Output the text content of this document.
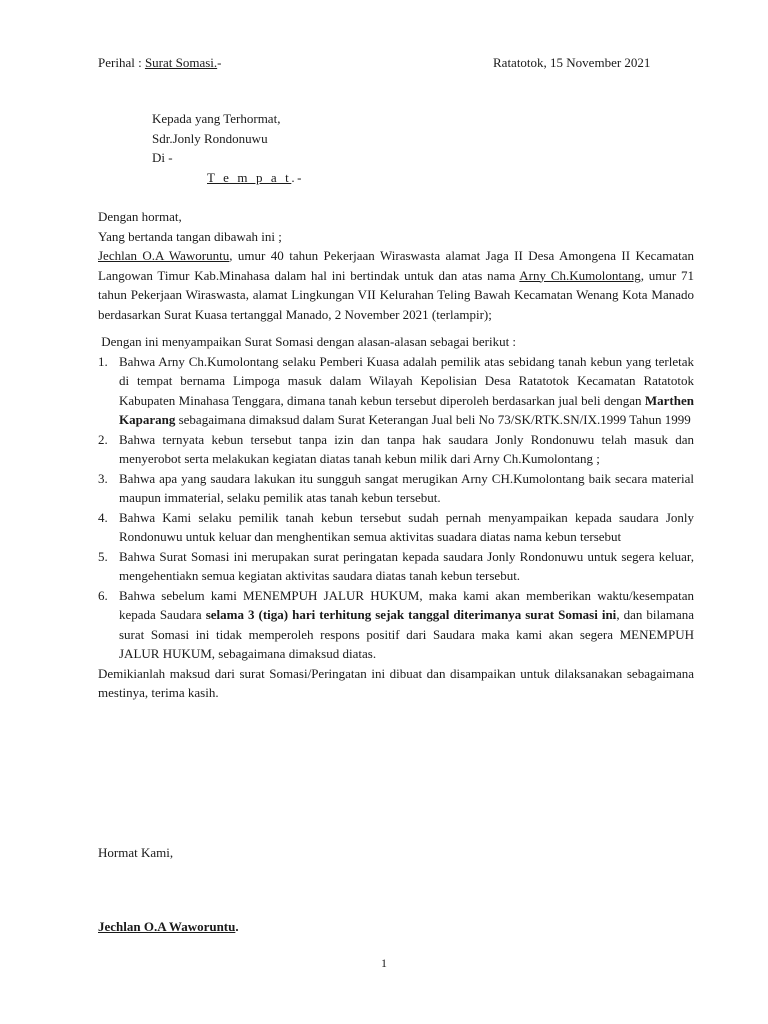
Perihal : Surat Somasi.-	Ratatotok, 15 November 2021
Kepada yang Terhormat,
Sdr.Jonly Rondonuwu
Di -
T e m p a t.-

Dengan hormat,

Yang bertanda tangan dibawah ini ;

Jechlan O.A Waworuntu, umur 40 tahun Pekerjaan Wiraswasta alamat Jaga II Desa Amongena II Kecamatan Langowan Timur Kab.Minahasa dalam hal ini bertindak untuk dan atas nama Arny Ch.Kumolontang, umur 71 tahun Pekerjaan Wiraswasta, alamat Lingkungan VII Kelurahan Teling Bawah Kecamatan Wenang Kota Manado berdasarkan Surat Kuasa tertanggal Manado, 2 November 2021 (terlampir);

Dengan ini menyampaikan Surat Somasi dengan alasan-alasan sebagai berikut :

1. Bahwa Arny Ch.Kumolontang selaku Pemberi Kuasa adalah pemilik atas sebidang tanah kebun yang terletak di tempat bernama Limpoga masuk dalam Wilayah Kepolisian Desa Ratatotok Kecamatan Ratatotok Kabupaten Minahasa Tenggara, dimana tanah kebun tersebut diperoleh berdasarkan jual beli dengan Marthen Kaparang sebagaimana dimaksud dalam Surat Keterangan Jual beli No 73/SK/RTK.SN/IX.1999 Tahun 1999
2. Bahwa ternyata kebun tersebut tanpa izin dan tanpa hak saudara Jonly Rondonuwu telah masuk dan menyerobot serta melakukan kegiatan diatas tanah kebun milik dari Arny Ch.Kumolontang ;
3. Bahwa apa yang saudara lakukan itu sungguh sangat merugikan Arny CH.Kumolontang baik secara material maupun immaterial, selaku pemilik atas tanah kebun tersebut.
4. Bahwa Kami selaku pemilik tanah kebun tersebut sudah pernah menyampaikan kepada saudara Jonly Rondonuwu untuk keluar dan menghentikan semua aktivitas suadara diatas nama kebun tersebut
5. Bahwa Surat Somasi ini merupakan surat peringatan kepada saudara Jonly Rondonuwu untuk segera keluar, mengehentiakn semua kegiatan aktivitas saudara diatas tanah kebun tersebut.
6. Bahwa sebelum kami MENEMPUH JALUR HUKUM, maka kami akan memberikan waktu/kesempatan kepada Saudara selama 3 (tiga) hari terhitung sejak tanggal diterimanya surat Somasi ini, dan bilamana surat Somasi ini tidak memperoleh respons positif dari Saudara maka kami akan segera MENEMPUH JALUR HUKUM, sebagaimana dimaksud diatas.

Demikianlah maksud dari surat Somasi/Peringatan ini dibuat dan disampaikan untuk dilaksanakan sebagaimana mestinya, terima kasih.

Hormat Kami,
Jechlan O.A Waworuntu.
1
